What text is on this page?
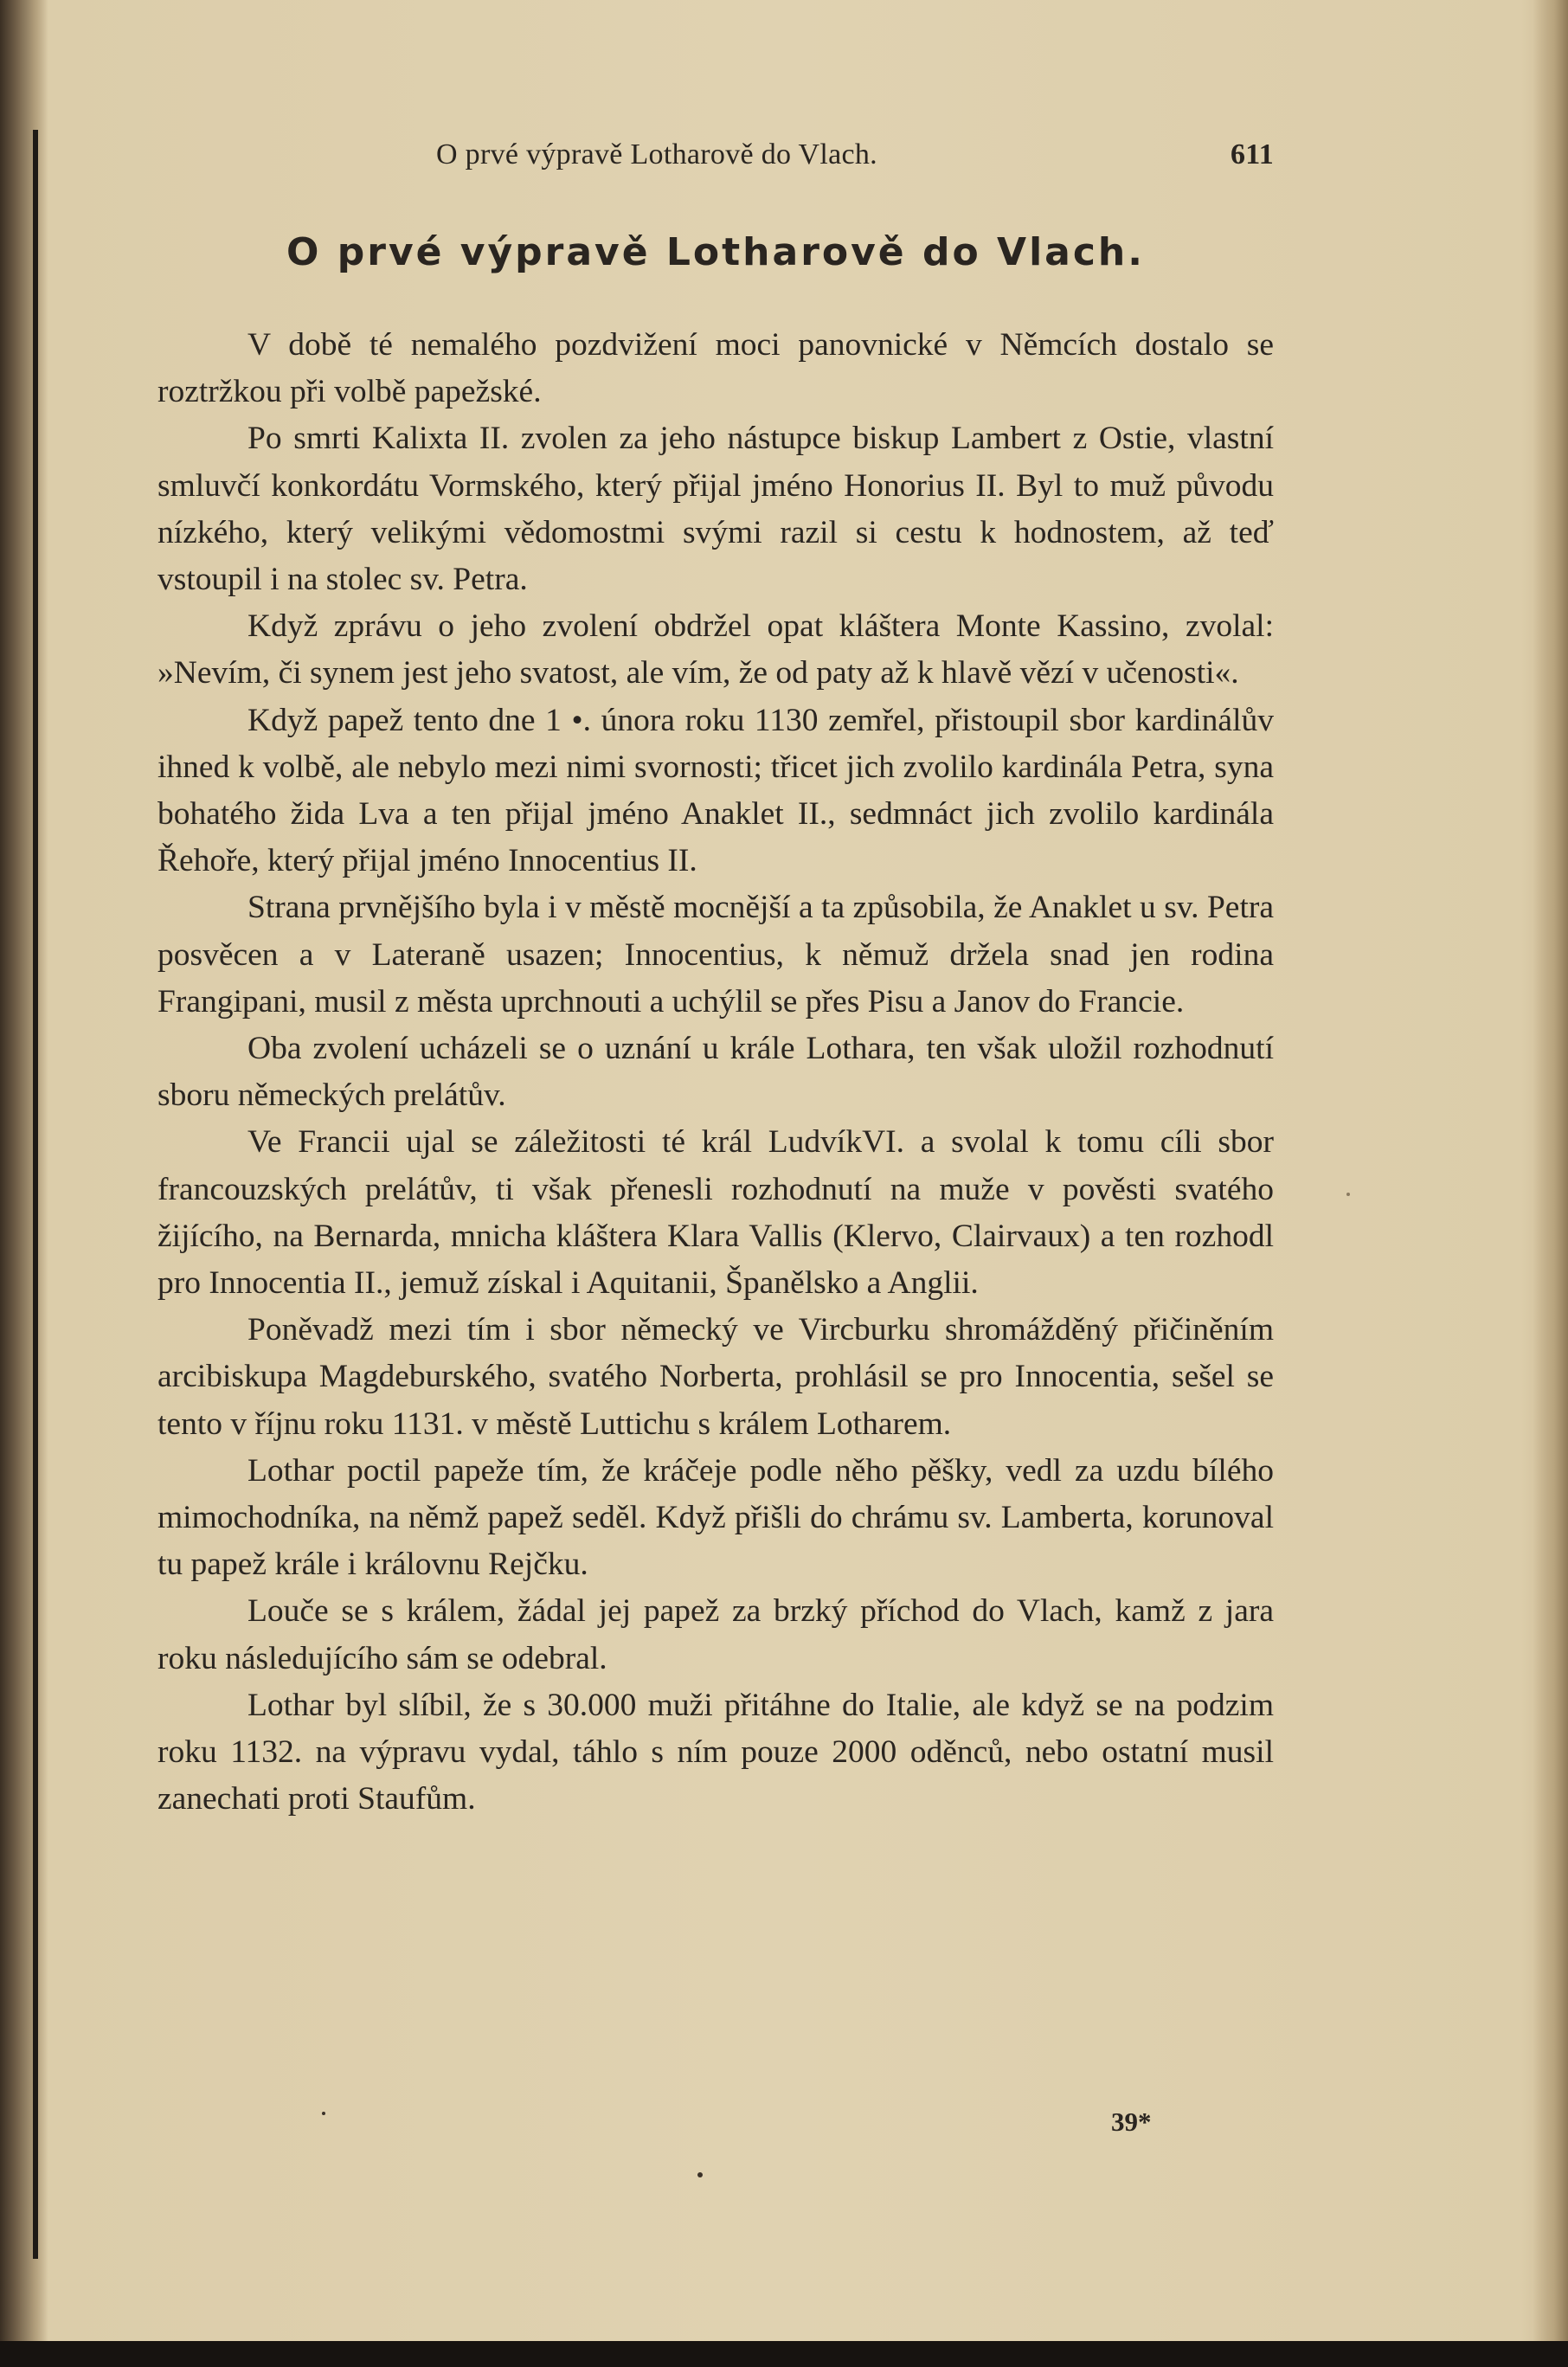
O prvé výpravě Lotharově do Vlach.	611
O prvé výpravě Lotharově do Vlach.

V době té nemalého pozdvižení moci panovnické v Němcích dostalo se roztržkou při volbě papežské.

Po smrti Kalixta II. zvolen za jeho nástupce biskup Lambert z Ostie, vlastní smluvčí konkordátu Vormského, který přijal jméno Honorius II. Byl to muž původu nízkého, který velikými vědomostmi svými razil si cestu k hodnostem, až teď vstoupil i na stolec sv. Petra.

Když zprávu o jeho zvolení obdržel opat kláštera Monte Kassino, zvolal: »Nevím, či synem jest jeho svatost, ale vím, že od paty až k hlavě vězí v učenosti«.

Když papež tento dne 1 •. února roku 1130 zemřel, přistoupil sbor kardinálův ihned k volbě, ale nebylo mezi nimi svornosti; třicet jich zvolilo kardinála Petra, syna bohatého žida Lva a ten přijal jméno Anaklet II., sedmnáct jich zvolilo kardinála Řehoře, který přijal jméno Innocentius II.

Strana prvnějšího byla i v městě mocnější a ta způsobila, že Anaklet u sv. Petra posvěcen a v Lateraně usazen; Innocentius, k němuž držela snad jen rodina Frangipani, musil z města uprchnouti a uchýlil se přes Pisu a Janov do Francie.

Oba zvolení ucházeli se o uznání u krále Lothara, ten však uložil rozhodnutí sboru německých prelátův.

Ve Francii ujal se záležitosti té král LudvíkVI. a svolal k tomu cíli sbor francouzských prelátův, ti však přenesli rozhodnutí na muže v pověsti svatého žijícího, na Bernarda, mnicha kláštera Klara Vallis (Klervo, Clairvaux) a ten rozhodl pro Innocentia II., jemuž získal i Aquitanii, Španělsko a Anglii.

Poněvadž mezi tím i sbor německý ve Vircburku shromážděný přičiněním arcibiskupa Magdeburského, svatého Norberta, prohlásil se pro Innocentia, sešel se tento v říjnu roku 1131. v městě Luttichu s králem Lotharem.

Lothar poctil papeže tím, že kráčeje podle něho pěšky, vedl za uzdu bílého mimochodníka, na němž papež seděl. Když přišli do chrámu sv. Lamberta, korunoval tu papež krále i královnu Rejčku.

Louče se s králem, žádal jej papež za brzký příchod do Vlach, kamž z jara roku následujícího sám se odebral.

Lothar byl slíbil, že s 30.000 muži přitáhne do Italie, ale když se na podzim roku 1132. na výpravu vydal, táhlo s ním pouze 2000 oděnců, nebo ostatní musil zanechati proti Staufům.

39*
